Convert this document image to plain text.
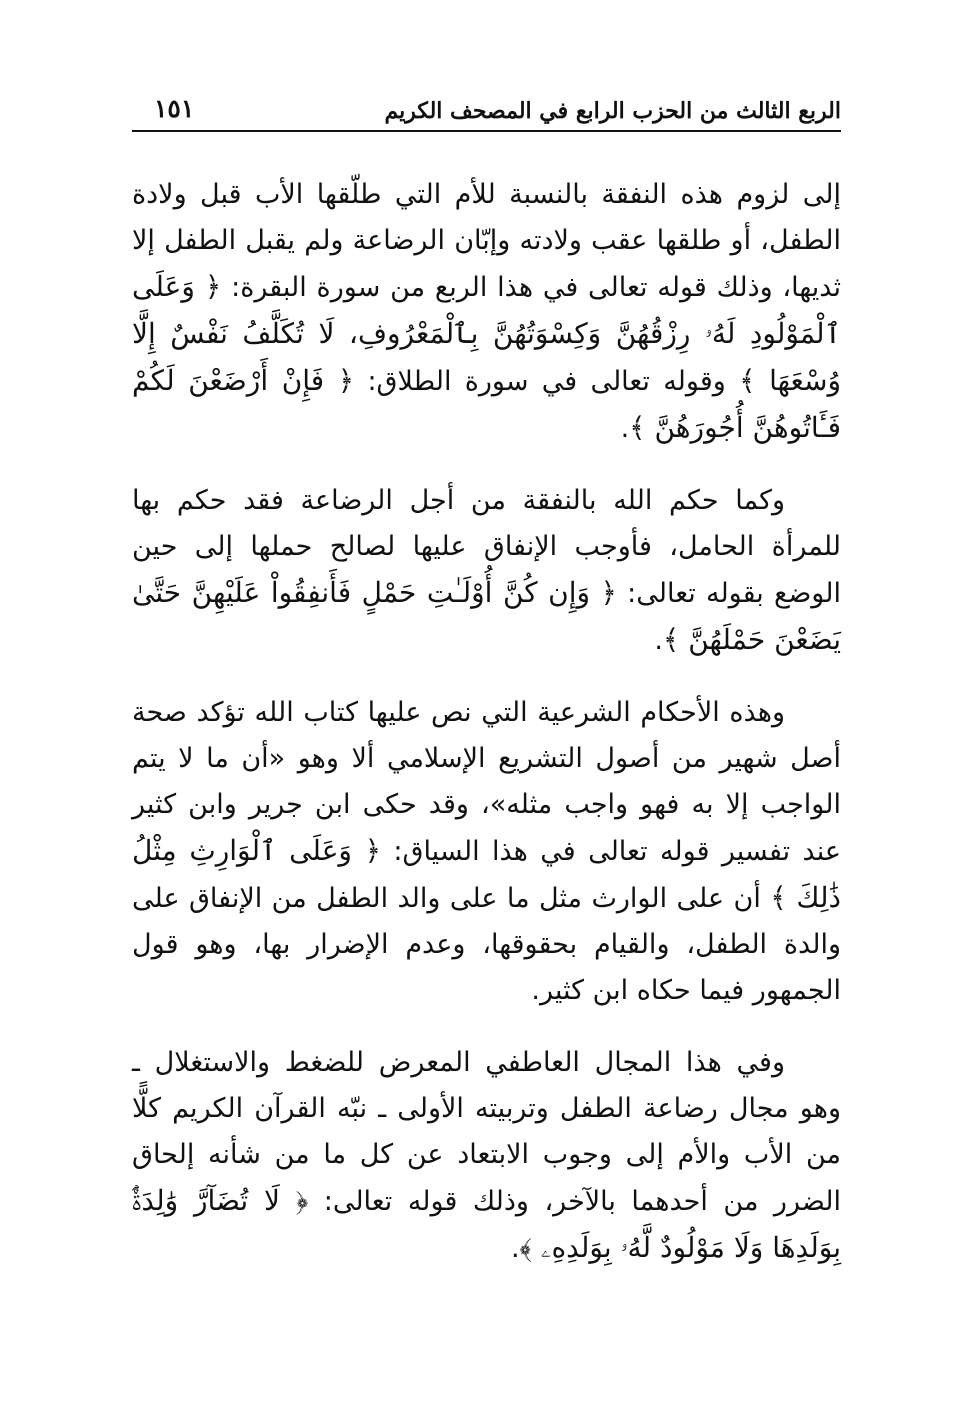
الربع الثالث من الحزب الرابع في المصحف الكريم
١٥١

إلى لزوم هذه النفقة بالنسبة للأم التي طلّقها الأب قبل ولادة الطفل، أو طلقها عقب ولادته وإبّان الرضاعة ولم يقبل الطفل إلا ثديها، وذلك قوله تعالى في هذا الربع من سورة البقرة: ﴿ وَعَلَى ٱلْمَوْلُودِ لَهُۥ رِزْقُهُنَّ وَكِسْوَتُهُنَّ بِٱلْمَعْرُوفِ، لَا تُكَلَّفُ نَفْسٌ إِلَّا وُسْعَهَا ﴾ وقوله تعالى في سورة الطلاق: ﴿ فَإِنْ أَرْضَعْنَ لَكُمْ فَـَٔاتُوهُنَّ أُجُورَهُنَّ ﴾.

وكما حكم الله بالنفقة من أجل الرضاعة فقد حكم بها للمرأة الحامل، فأوجب الإنفاق عليها لصالح حملها إلى حين الوضع بقوله تعالى: ﴿ وَإِن كُنَّ أُوْلَـٰتِ حَمْلٍ فَأَنفِقُواْ عَلَيْهِنَّ حَتَّىٰ يَضَعْنَ حَمْلَهُنَّ ﴾.

وهذه الأحكام الشرعية التي نص عليها كتاب الله تؤكد صحة أصل شهير من أصول التشريع الإسلامي ألا وهو «أن ما لا يتم الواجب إلا به فهو واجب مثله»، وقد حكى ابن جرير وابن كثير عند تفسير قوله تعالى في هذا السياق: ﴿ وَعَلَى ٱلْوَارِثِ مِثْلُ ذَٰلِكَ ﴾ أن على الوارث مثل ما على والد الطفل من الإنفاق على والدة الطفل، والقيام بحقوقها، وعدم الإضرار بها، وهو قول الجمهور فيما حكاه ابن كثير.

وفي هذا المجال العاطفي المعرض للضغط والاستغلال ـ وهو مجال رضاعة الطفل وتربيته الأولى ـ نبّه القرآن الكريم كلًّا من الأب والأم إلى وجوب الابتعاد عن كل ما من شأنه إلحاق الضرر من أحدهما بالآخر، وذلك قوله تعالى: ﴿ لَا تُضَآرَّ وَٰلِدَةٌۢ بِوَلَدِهَا وَلَا مَوْلُودٌ لَّهُۥ بِوَلَدِهِۦ ﴾.
